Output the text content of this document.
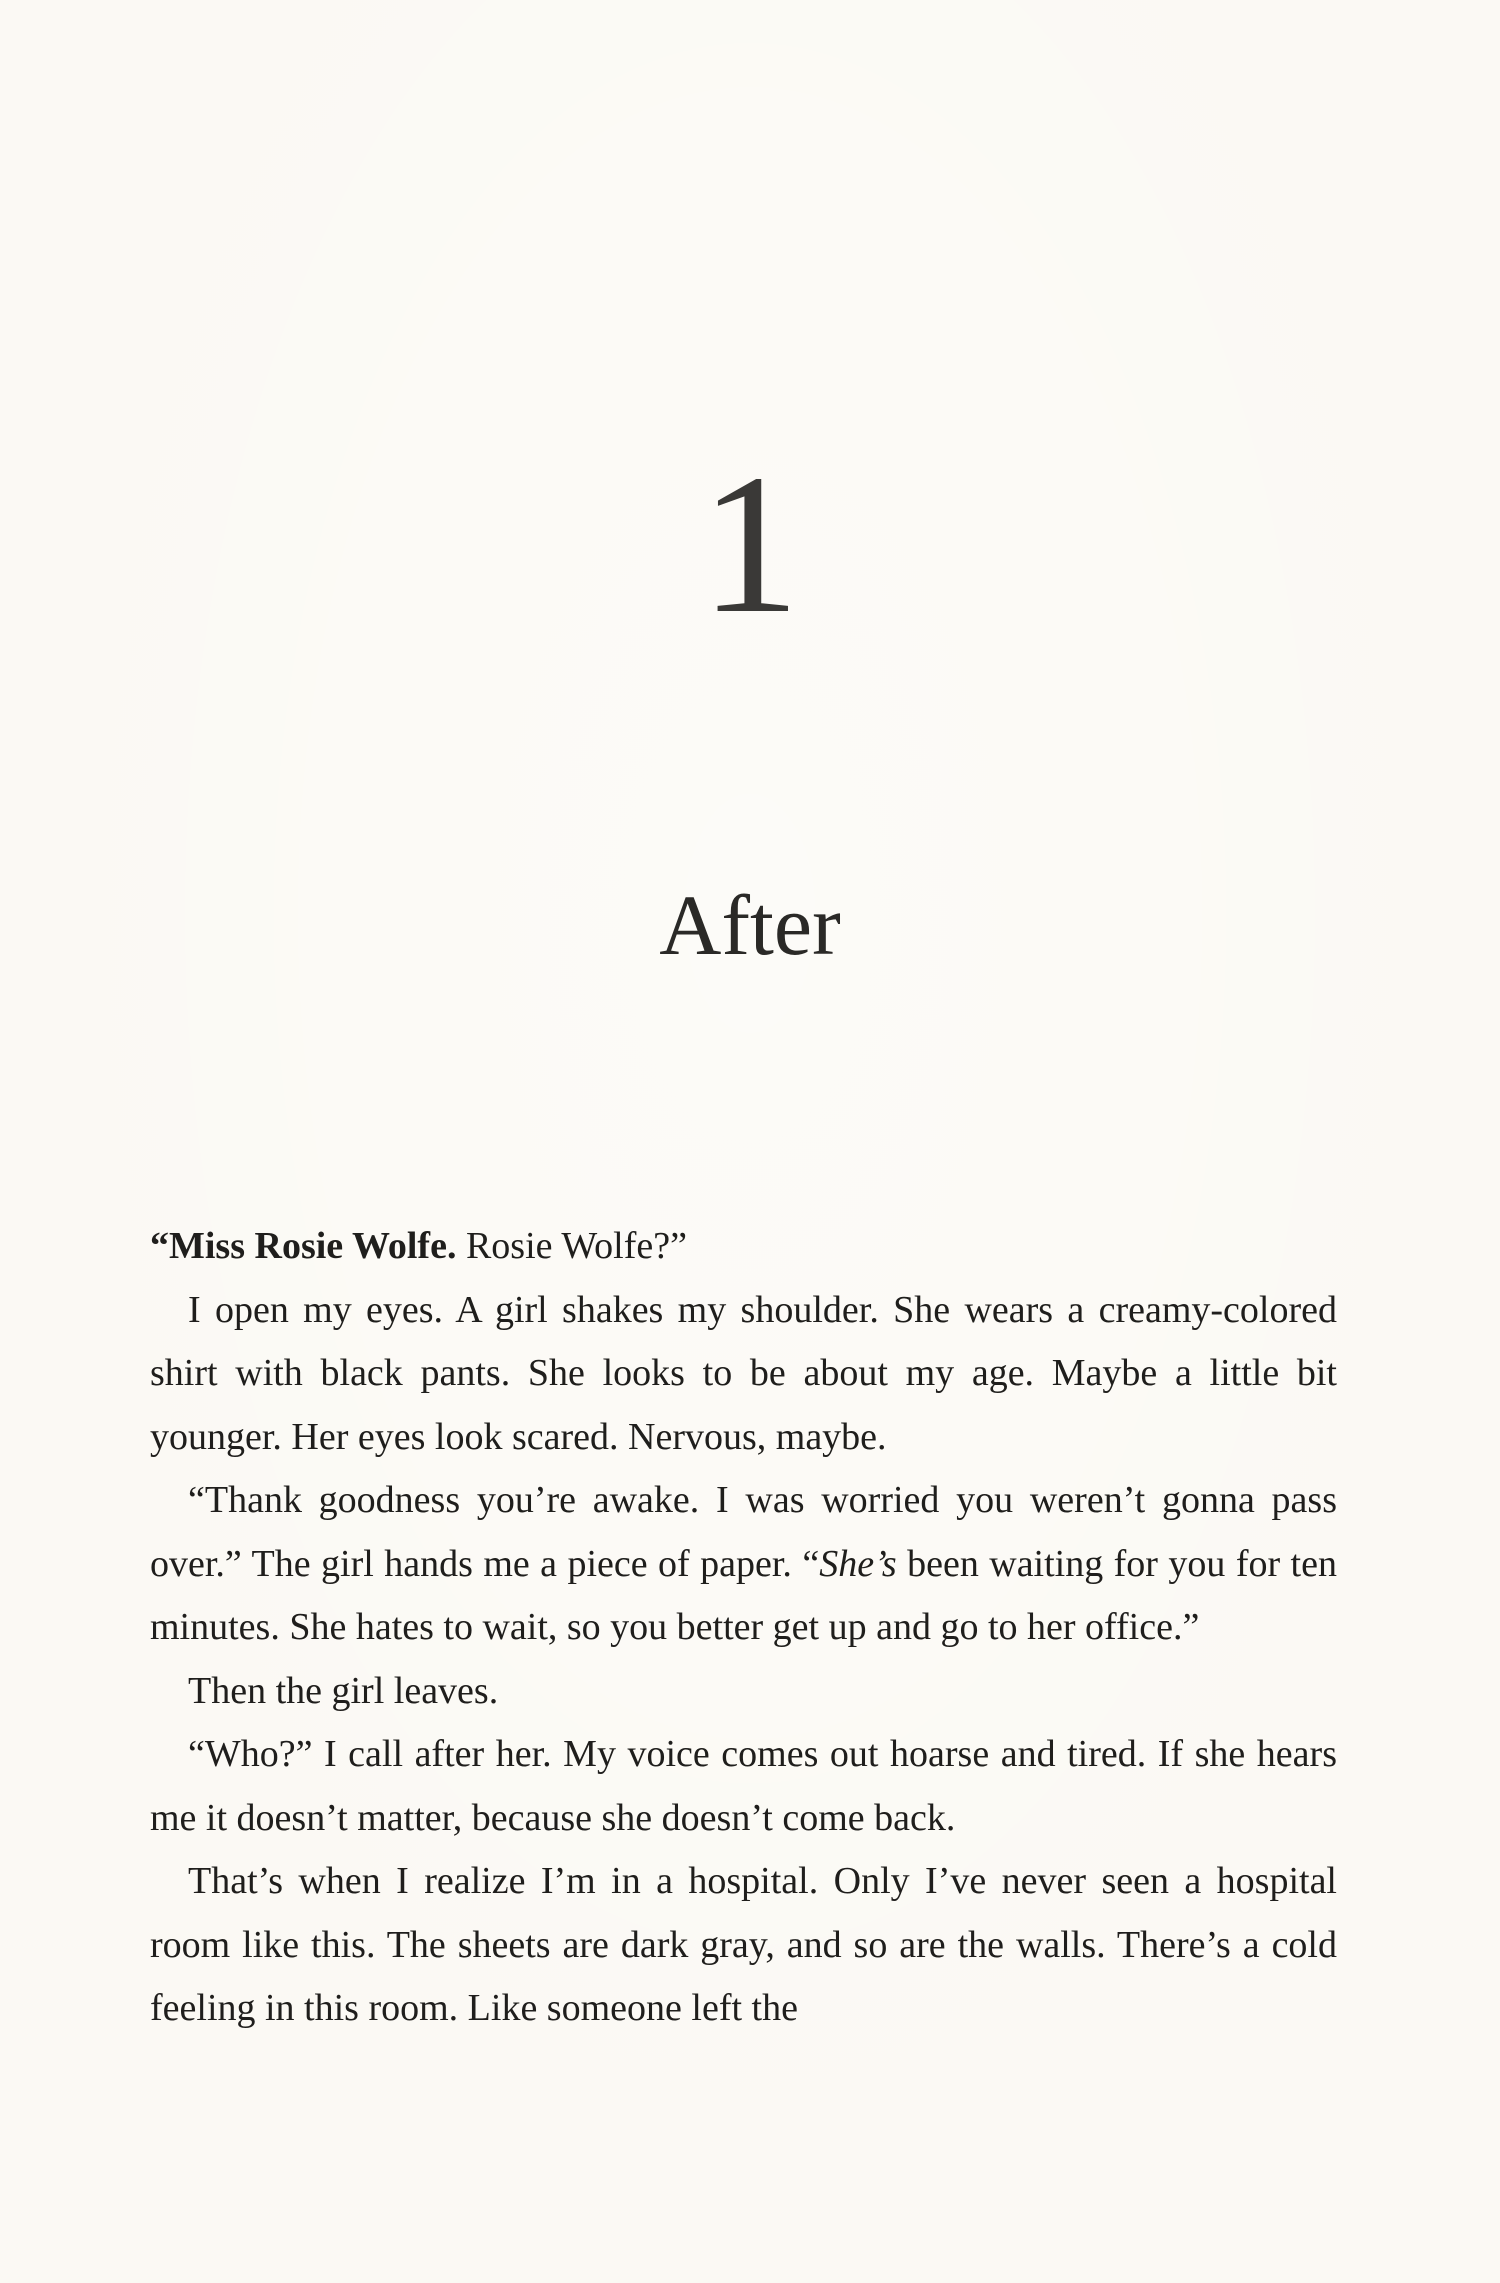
1
After

“Miss Rosie Wolfe. Rosie Wolfe?”

I open my eyes. A girl shakes my shoulder. She wears a creamy-colored shirt with black pants. She looks to be about my age. Maybe a little bit younger. Her eyes look scared. Nervous, maybe.

“Thank goodness you’re awake. I was worried you weren’t gonna pass over.” The girl hands me a piece of paper. “She’s been waiting for you for ten minutes. She hates to wait, so you better get up and go to her office.”

Then the girl leaves.

“Who?” I call after her. My voice comes out hoarse and tired. If she hears me it doesn’t matter, because she doesn’t come back.

That’s when I realize I’m in a hospital. Only I’ve never seen a hospital room like this. The sheets are dark gray, and so are the walls. There’s a cold feeling in this room. Like someone left the
